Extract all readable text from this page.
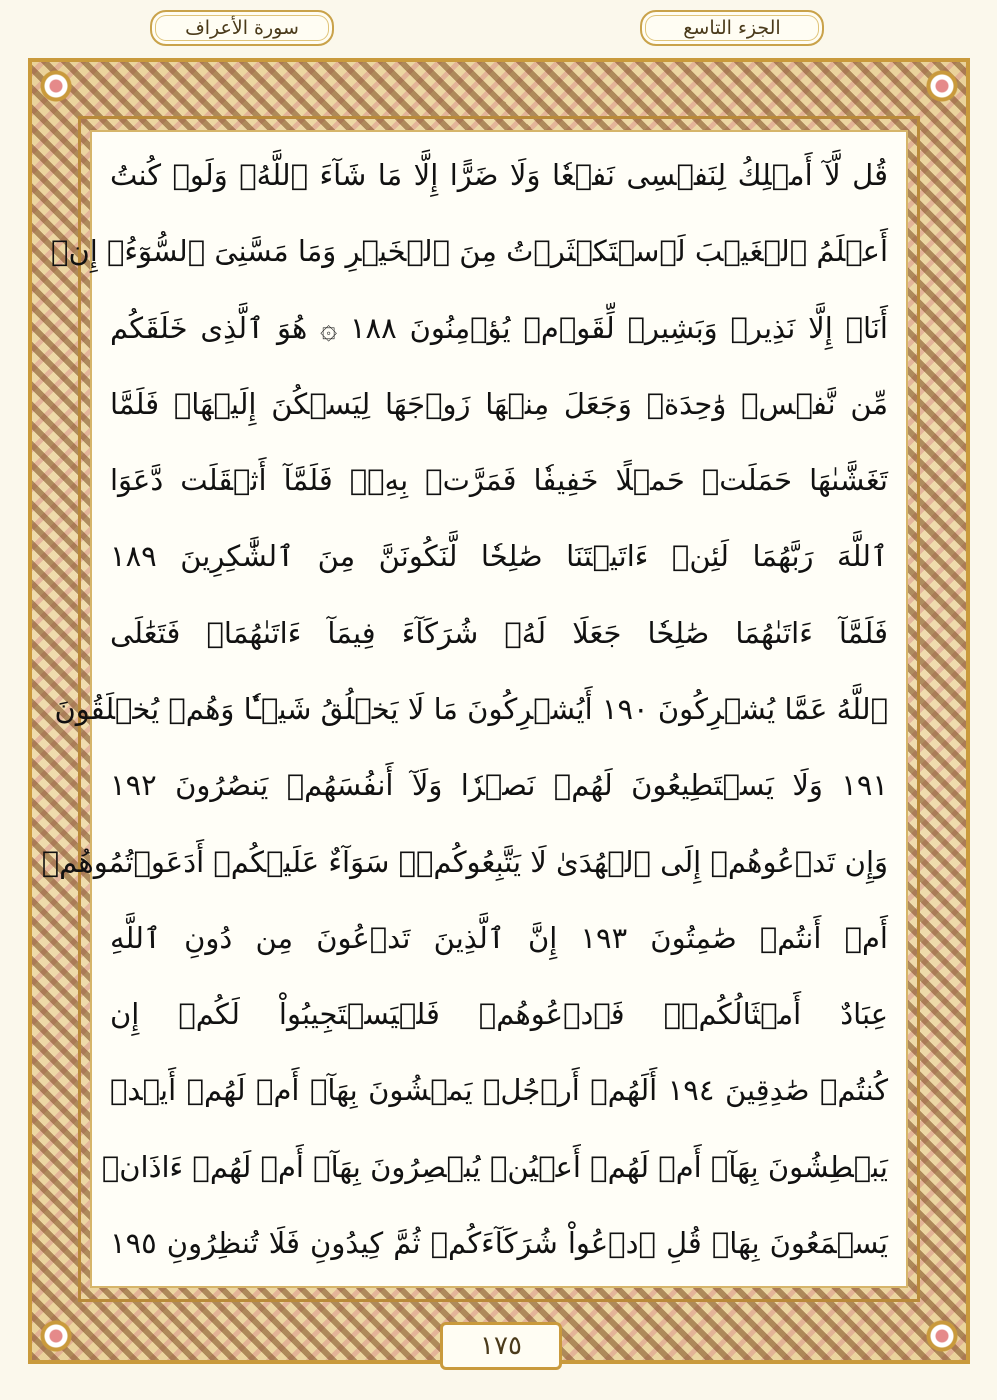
سورة الأعراف	الجزء التاسع
قُل لَّآ أَمۡلِكُ لِنَفۡسِى نَفۡعٗا وَلَا ضَرًّا إِلَّا مَا شَآءَ ٱللَّهُۚ وَلَوۡ كُنتُ
أَعۡلَمُ ٱلۡغَيۡبَ لَٱسۡتَكۡثَرۡتُ مِنَ ٱلۡخَيۡرِ وَمَا مَسَّنِىَ ٱلسُّوٓءُۚ إِنۡ
أَنَا۠ إِلَّا نَذِيرٞ وَبَشِيرٞ لِّقَوۡمٖ يُؤۡمِنُونَ ١٨٨ ۞ هُوَ ٱلَّذِى خَلَقَكُم
مِّن نَّفۡسٖ وَٰحِدَةٖ وَجَعَلَ مِنۡهَا زَوۡجَهَا لِيَسۡكُنَ إِلَيۡهَاۖ فَلَمَّا
تَغَشَّىٰهَا حَمَلَتۡ حَمۡلًا خَفِيفٗا فَمَرَّتۡ بِهِۦۖ فَلَمَّآ أَثۡقَلَت دَّعَوَا
ٱللَّهَ رَبَّهُمَا لَئِنۡ ءَاتَيۡتَنَا صَٰلِحٗا لَّنَكُونَنَّ مِنَ ٱلشَّٰكِرِينَ ١٨٩
فَلَمَّآ ءَاتَىٰهُمَا صَٰلِحٗا جَعَلَا لَهُۥ شُرَكَآءَ فِيمَآ ءَاتَىٰهُمَاۚ فَتَعَٰلَى
ٱللَّهُ عَمَّا يُشۡرِكُونَ ١٩٠ أَيُشۡرِكُونَ مَا لَا يَخۡلُقُ شَيۡـٔٗا وَهُمۡ يُخۡلَقُونَ
١٩١ وَلَا يَسۡتَطِيعُونَ لَهُمۡ نَصۡرٗا وَلَآ أَنفُسَهُمۡ يَنصُرُونَ ١٩٢
وَإِن تَدۡعُوهُمۡ إِلَى ٱلۡهُدَىٰ لَا يَتَّبِعُوكُمۡۚ سَوَآءٌ عَلَيۡكُمۡ أَدَعَوۡتُمُوهُمۡ
أَمۡ أَنتُمۡ صَٰمِتُونَ ١٩٣ إِنَّ ٱلَّذِينَ تَدۡعُونَ مِن دُونِ ٱللَّهِ
عِبَادٌ أَمۡثَالُكُمۡۖ فَٱدۡعُوهُمۡ فَلۡيَسۡتَجِيبُواْ لَكُمۡ إِن
كُنتُمۡ صَٰدِقِينَ ١٩٤ أَلَهُمۡ أَرۡجُلٞ يَمۡشُونَ بِهَآۖ أَمۡ لَهُمۡ أَيۡدٖ
يَبۡطِشُونَ بِهَآۖ أَمۡ لَهُمۡ أَعۡيُنٞ يُبۡصِرُونَ بِهَآۖ أَمۡ لَهُمۡ ءَاذَانٞ
يَسۡمَعُونَ بِهَاۗ قُلِ ٱدۡعُواْ شُرَكَآءَكُمۡ ثُمَّ كِيدُونِ فَلَا تُنظِرُونِ ١٩٥
١٧٥
